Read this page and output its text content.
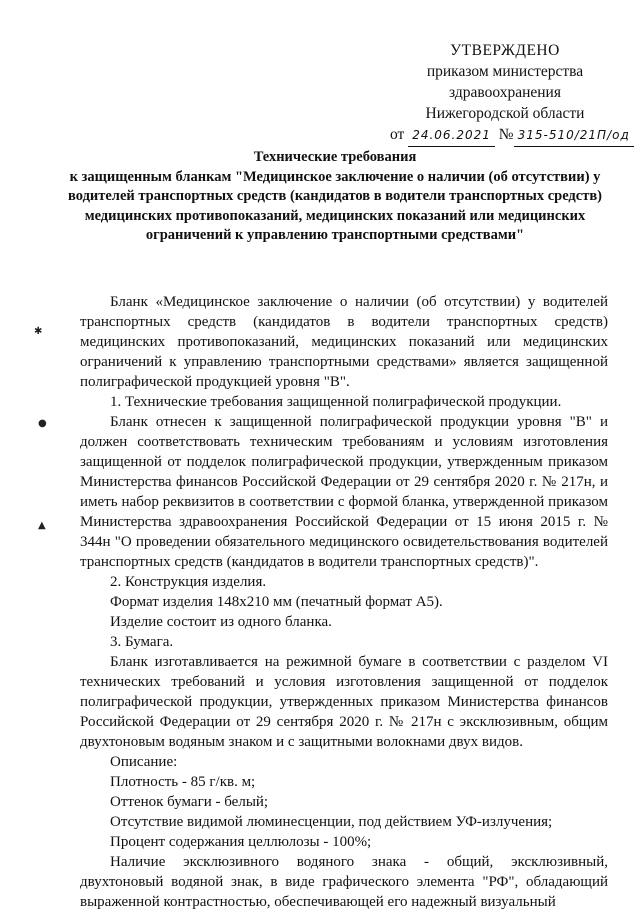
УТВЕРЖДЕНО
приказом министерства
здравоохранения
Нижегородской области
от 24.06.2021 № 315-510/21П/од
Технические требования
к защищенным бланкам "Медицинское заключение о наличии (об отсутствии) у водителей транспортных средств (кандидатов в водители транспортных средств) медицинских противопоказаний, медицинских показаний или медицинских ограничений к управлению транспортными средствами"
✱
●
▲

Бланк «Медицинское заключение о наличии (об отсутствии) у водителей транспортных средств (кандидатов в водители транспортных средств) медицинских противопоказаний, медицинских показаний или медицинских ограничений к управлению транспортными средствами» является защищенной полиграфической продукцией уровня "В".

1. Технические требования защищенной полиграфической продукции.

Бланк отнесен к защищенной полиграфической продукции уровня "В" и должен соответствовать техническим требованиям и условиям изготовления защищенной от подделок полиграфической продукции, утвержденным приказом Министерства финансов Российской Федерации от 29 сентября 2020 г. № 217н, и иметь набор реквизитов в соответствии с формой бланка, утвержденной приказом Министерства здравоохранения Российской Федерации от 15 июня 2015 г. № 344н "О проведении обязательного медицинского освидетельствования водителей транспортных средств (кандидатов в водители транспортных средств)".

2. Конструкция изделия.

Формат изделия 148х210 мм (печатный формат А5).

Изделие состоит из одного бланка.

3. Бумага.

Бланк изготавливается на режимной бумаге в соответствии с разделом VI технических требований и условия изготовления защищенной от подделок полиграфической продукции, утвержденных приказом Министерства финансов Российской Федерации от 29 сентября 2020 г. № 217н с эксклюзивным, общим двухтоновым водяным знаком и с защитными волокнами двух видов.

Описание:

Плотность - 85 г/кв. м;

Оттенок бумаги - белый;

Отсутствие видимой люминесценции, под действием УФ-излучения;

Процент содержания целлюлозы - 100%;

Наличие эксклюзивного водяного знака - общий, эксклюзивный, двухтоновый водяной знак, в виде графического элемента "РФ", обладающий выраженной контрастностью, обеспечивающей его надежный визуальный
